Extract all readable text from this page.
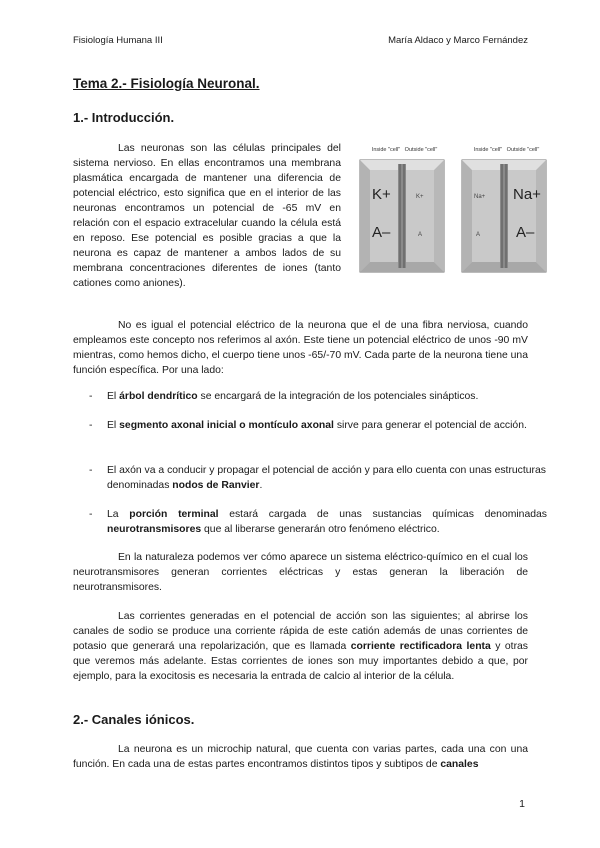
Fisiología Humana III	María Aldaco y Marco Fernández
Tema 2.- Fisiología Neuronal.
1.- Introducción.

Las neuronas son las células principales del sistema nervioso. En ellas encontramos una membrana plasmática encargada de mantener una diferencia de potencial eléctrico, esto significa que en el interior de las neuronas encontramos un potencial de -65 mV en relación con el espacio extracelular cuando la célula está en reposo. Ese potencial es posible gracias a que la neurona es capaz de mantener a ambos lados de su membrana concentraciones diferentes de iones (tanto cationes como aniones).

Inside "cell" Outside "cell"
K+	K+
A–	A
Inside "cell" Outside "cell"
Na+ Na+
A A–

No es igual el potencial eléctrico de la neurona que el de una fibra nerviosa, cuando empleamos este concepto nos referimos al axón. Este tiene un potencial eléctrico de unos -90 mV mientras, como hemos dicho, el cuerpo tiene unos -65/-70 mV. Cada parte de la neurona tiene una función específica. Por una lado:

- El árbol dendrítico se encargará de la integración de los potenciales sinápticos.
- El segmento axonal inicial o montículo axonal sirve para generar el potencial de acción.
- El axón va a conducir y propagar el potencial de acción y para ello cuenta con unas estructuras denominadas nodos de Ranvier.
- La porción terminal estará cargada de unas sustancias químicas denominadas neurotransmisores que al liberarse generarán otro fenómeno eléctrico.

En la naturaleza podemos ver cómo aparece un sistema eléctrico-químico en el cual los neurotransmisores generan corrientes eléctricas y estas generan la liberación de neurotransmisores.

Las corrientes generadas en el potencial de acción son las siguientes; al abrirse los canales de sodio se produce una corriente rápida de este catión además de unas corrientes de potasio que generará una repolarización, que es llamada corriente rectificadora lenta y otras que veremos más adelante. Estas corrientes de iones son muy importantes debido a que, por ejemplo, para la exocitosis es necesaria la entrada de calcio al interior de la célula.

2.- Canales iónicos.

La neurona es un microchip natural, que cuenta con varias partes, cada una con una función. En cada una de estas partes encontramos distintos tipos y subtipos de canales

1
